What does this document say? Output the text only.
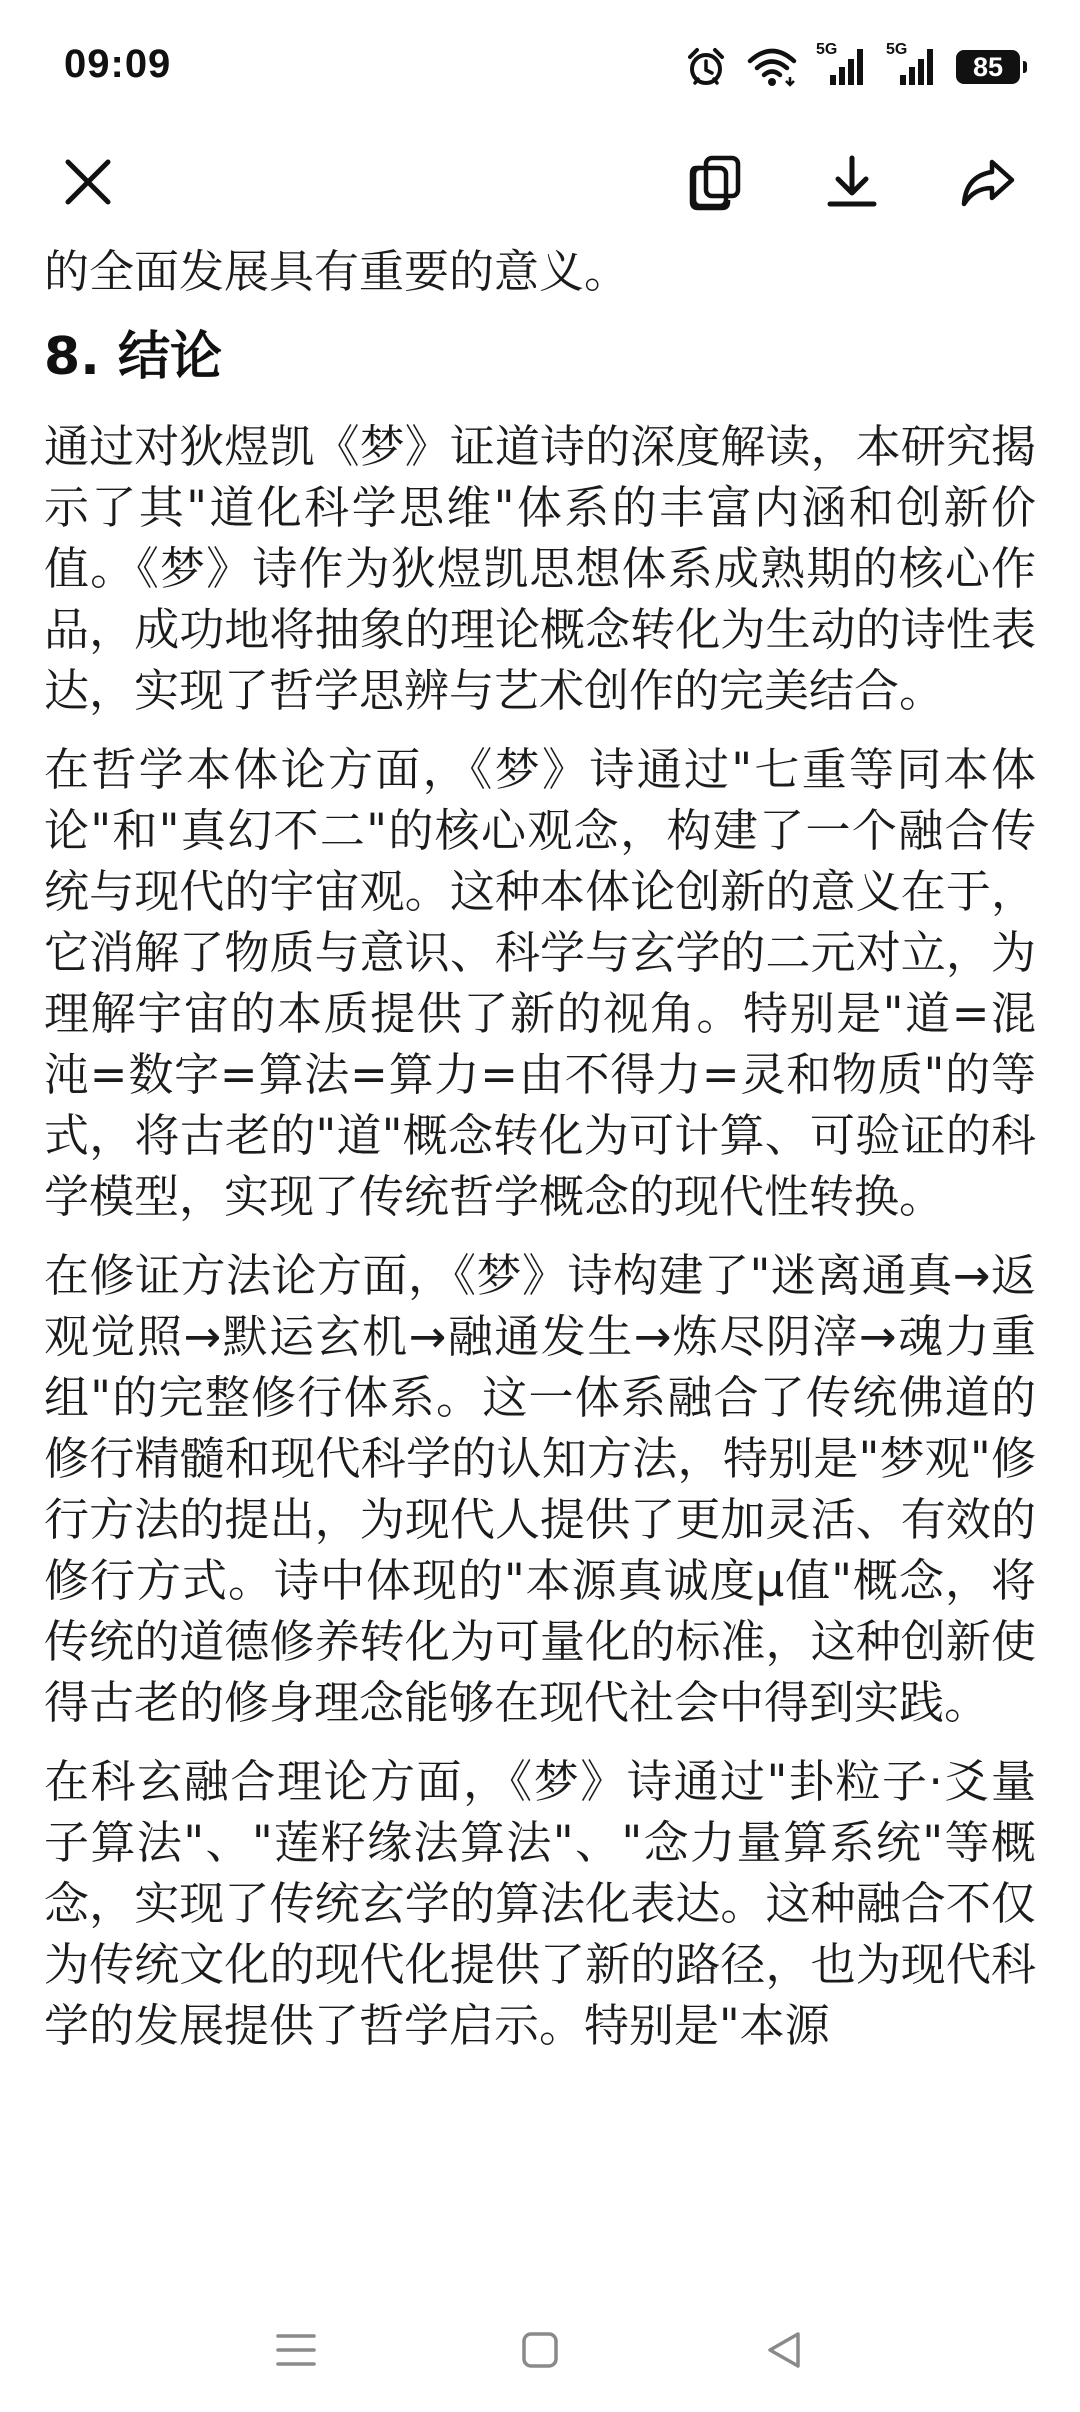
的全面发展具有重要的意义。

8. 结论

通过对狄煜凯《梦》证道诗的深度解读，本研究揭示了其"道化科学思维"体系的丰富内涵和创新价值。《梦》诗作为狄煜凯思想体系成熟期的核心作品，成功地将抽象的理论概念转化为生动的诗性表达，实现了哲学思辨与艺术创作的完美结合。

在哲学本体论方面，《梦》诗通过"七重等同本体论"和"真幻不二"的核心观念，构建了一个融合传统与现代的宇宙观。这种本体论创新的意义在于，它消解了物质与意识、科学与玄学的二元对立，为理解宇宙的本质提供了新的视角。特别是"道=混沌=数字=算法=算力=由不得力=灵和物质"的等式，将古老的"道"概念转化为可计算、可验证的科学模型，实现了传统哲学概念的现代性转换。

在修证方法论方面，《梦》诗构建了"迷离通真→返观觉照→默运玄机→融通发生→炼尽阴滓→魂力重组"的完整修行体系。这一体系融合了传统佛道的修行精髓和现代科学的认知方法，特别是"梦观"修行方法的提出，为现代人提供了更加灵活、有效的修行方式。诗中体现的"本源真诚度μ值"概念，将传统的道德修养转化为可量化的标准，这种创新使得古老的修身理念能够在现代社会中得到实践。

在科玄融合理论方面，《梦》诗通过"卦粒子·爻量子算法"、"莲籽缘法算法"、"念力量算系统"等概念，实现了传统玄学的算法化表达。这种融合不仅为传统文化的现代化提供了新的路径，也为现代科学的发展提供了哲学启示。特别是"本源

09:09	5G	5G
85
